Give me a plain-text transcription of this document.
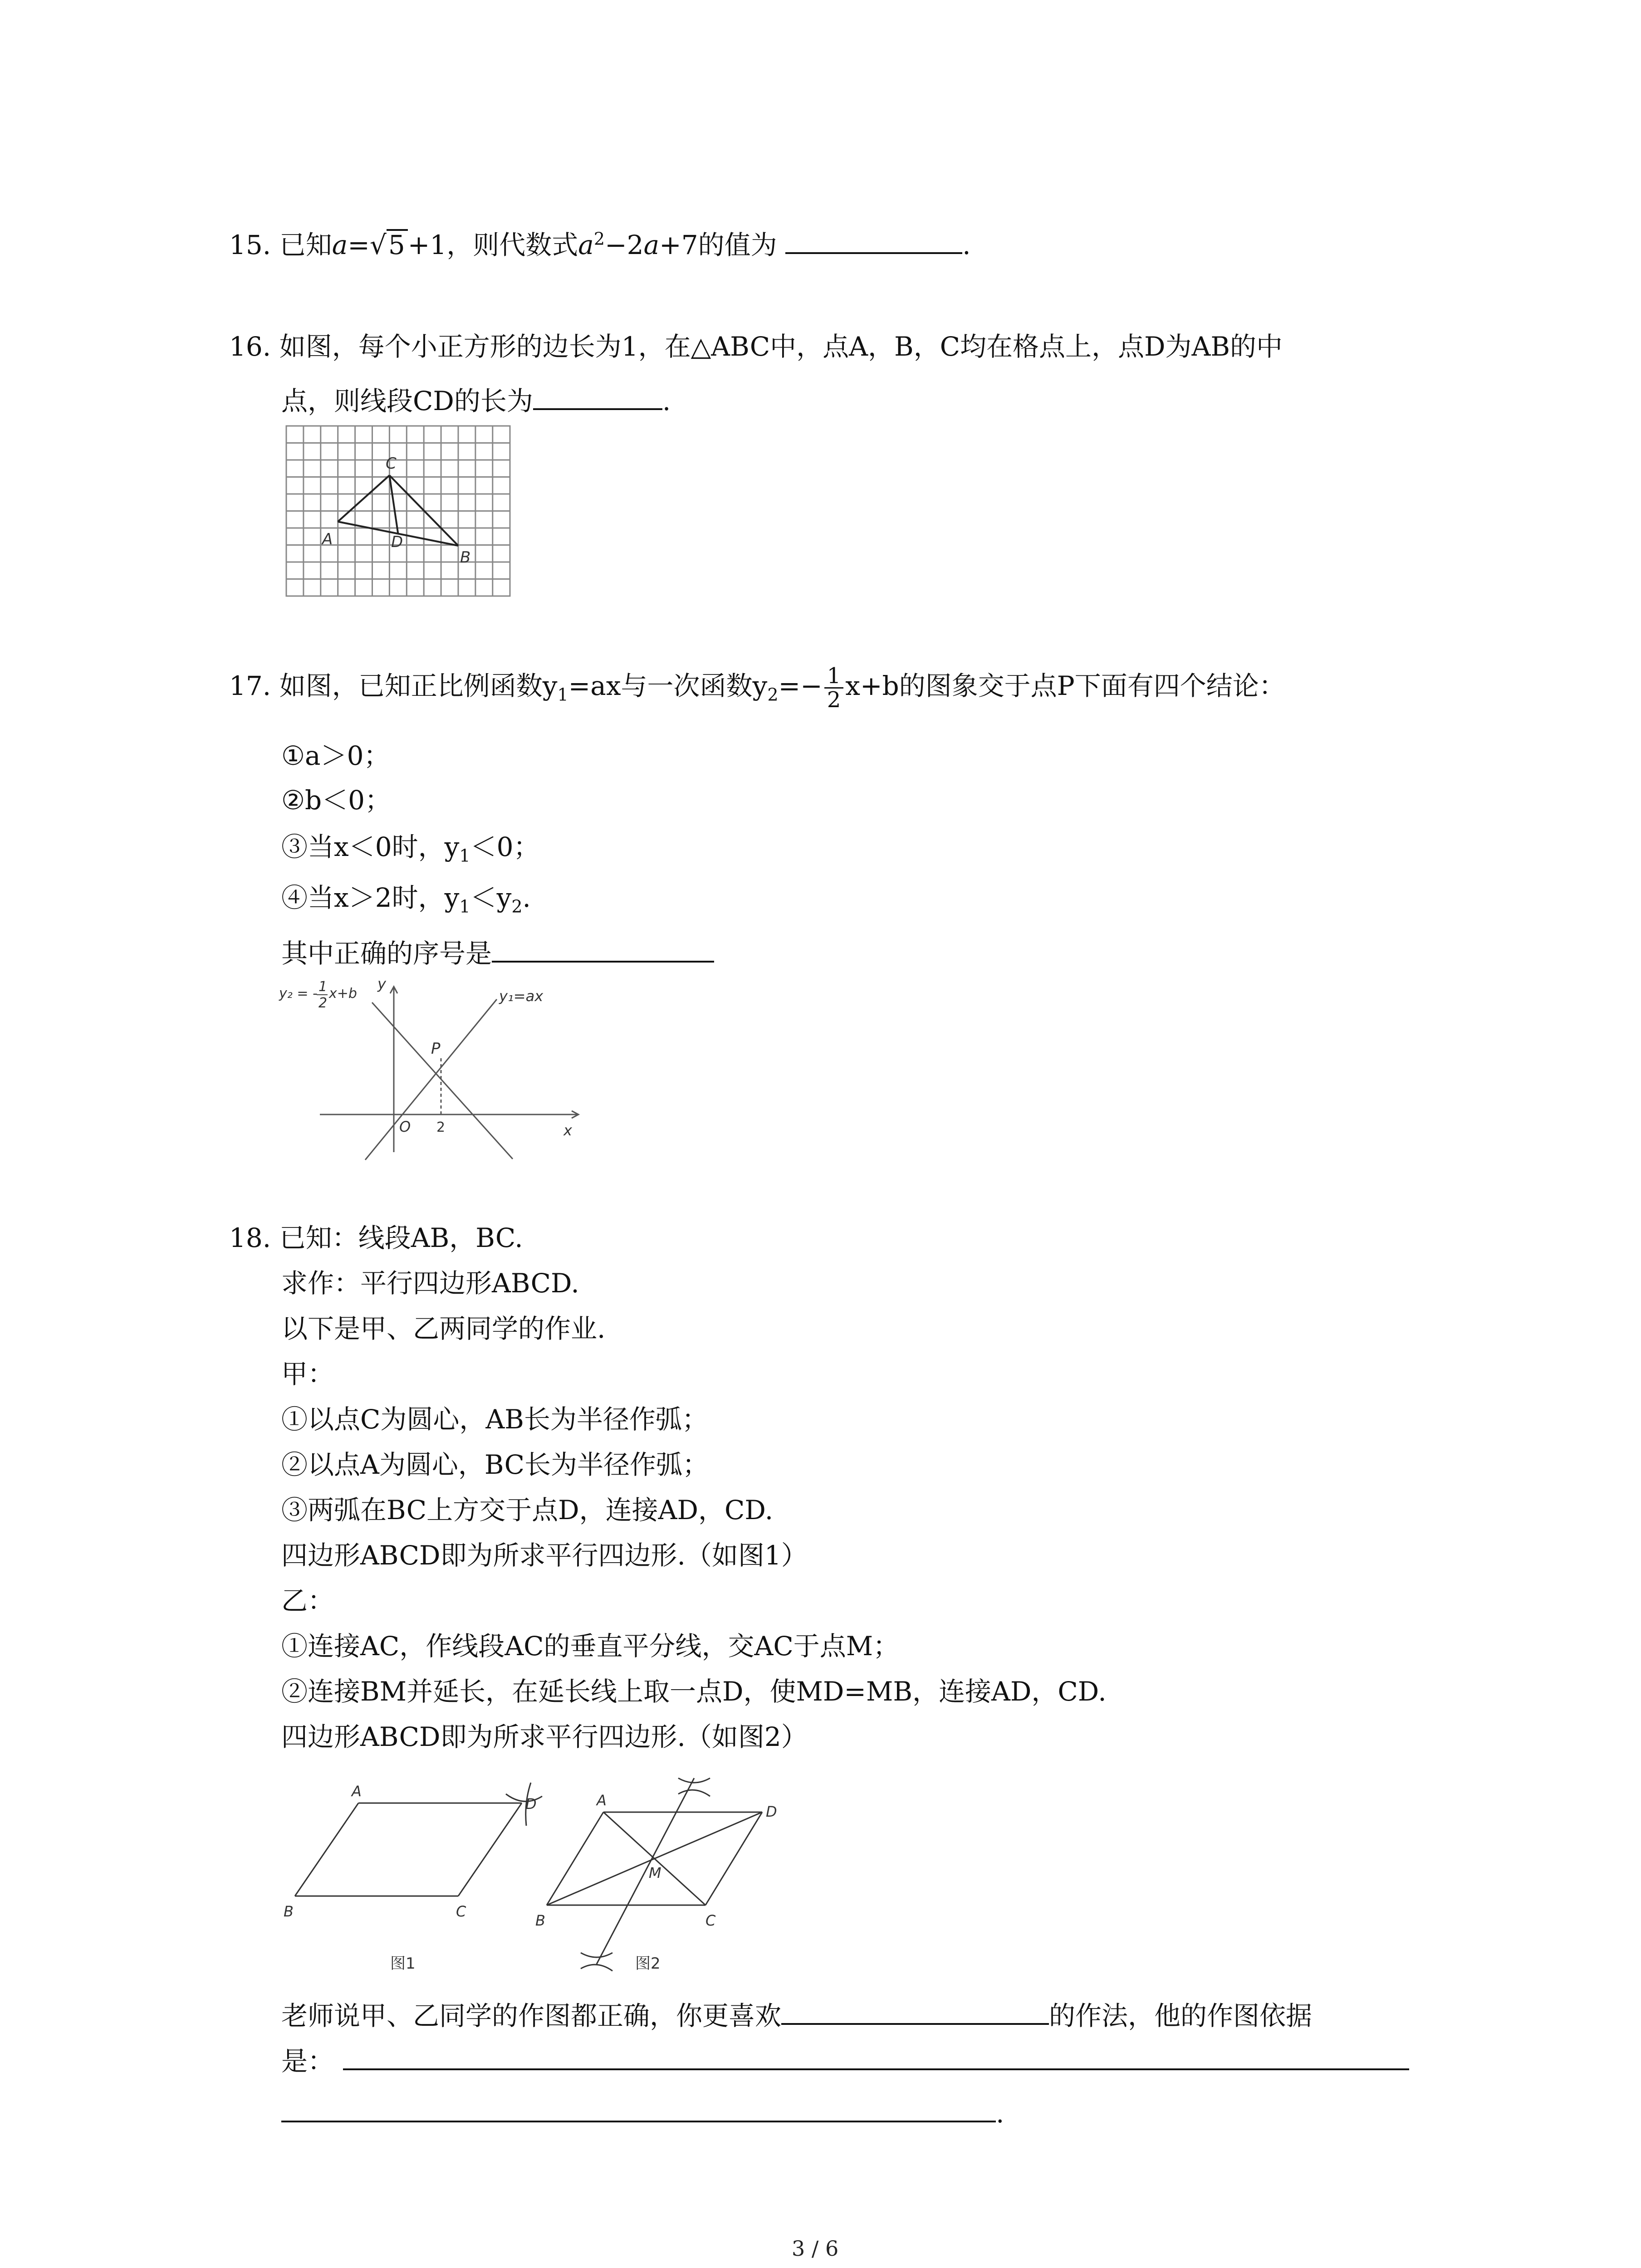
15. 已知a=√5 +1，则代数式$a^2-2a+7$的值为	.
16. 如图，每个小正方形的边长为1，在△ABC中，点A，B，C均在格点上，点D为AB的中
点，则线段CD的长为	.
C
A	D
B
17. 如图，已知正比例函数$y_1=ax$与一次函数$y_2=- \frac{1}{2} x+b$的图象交于点P下面有四个结论：
①a＞0；
②b＜0；
③当x＜0时，$y_1<0$；
④当x＞2时，$y_1<y_2$.
其中正确的序号是
y₂ = - 1
2
x+b	y₁=ax
y
x
O
P
2
18. 已知：线段AB，BC.
求作：平行四边形ABCD.
以下是甲、乙两同学的作业.
甲：
①以点C为圆心，AB长为半径作弧；
②以点A为圆心，BC长为半径作弧；
③两弧在BC上方交于点D，连接AD，CD.
四边形ABCD即为所求平行四边形.（如图1）
乙：
①连接AC，作线段AC的垂直平分线，交AC于点M；
②连接BM并延长，在延长线上取一点D，使MD=MB，连接AD，CD.
四边形ABCD即为所求平行四边形.（如图2）
A
D
B	C
图1
A
D
B	C
M
图2
老师说甲、乙同学的作图都正确，你更喜欢	的作法，他的作图依据
是：
.
3 / 6
